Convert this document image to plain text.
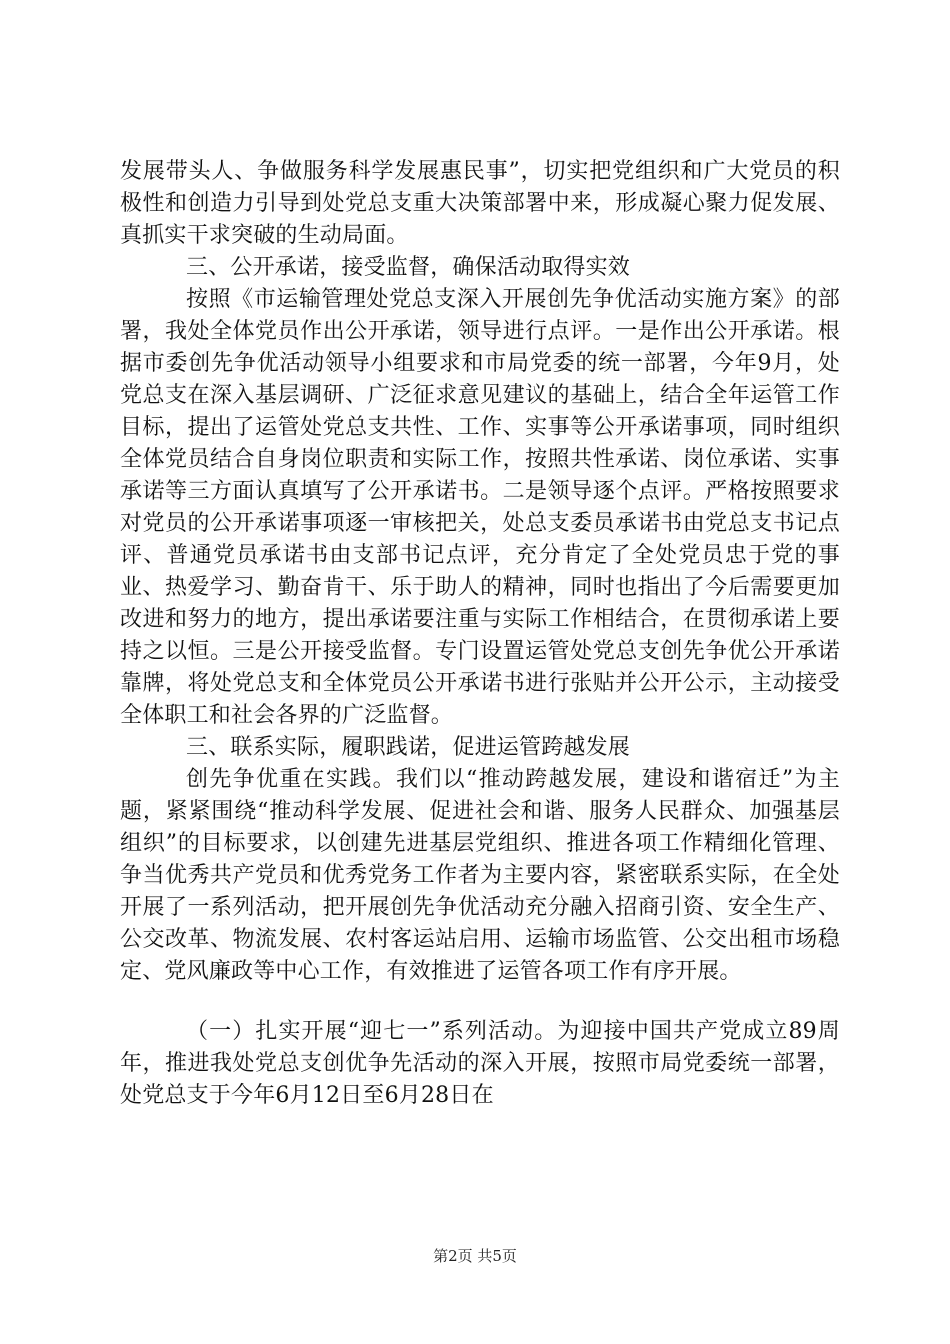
发展带头人、争做服务科学发展惠民事”，切实把党组织和广大党员的积极性和创造力引导到处党总支重大决策部署中来，形成凝心聚力促发展、真抓实干求突破的生动局面。

三、公开承诺，接受监督，确保活动取得实效

按照《市运输管理处党总支深入开展创先争优活动实施方案》的部署，我处全体党员作出公开承诺，领导进行点评。一是作出公开承诺。根据市委创先争优活动领导小组要求和市局党委的统一部署，今年9月，处党总支在深入基层调研、广泛征求意见建议的基础上，结合全年运管工作目标，提出了运管处党总支共性、工作、实事等公开承诺事项，同时组织全体党员结合自身岗位职责和实际工作，按照共性承诺、岗位承诺、实事承诺等三方面认真填写了公开承诺书。二是领导逐个点评。严格按照要求对党员的公开承诺事项逐一审核把关，处总支委员承诺书由党总支书记点评、普通党员承诺书由支部书记点评，充分肯定了全处党员忠于党的事业、热爱学习、勤奋肯干、乐于助人的精神，同时也指出了今后需要更加改进和努力的地方，提出承诺要注重与实际工作相结合，在贯彻承诺上要持之以恒。三是公开接受监督。专门设置运管处党总支创先争优公开承诺靠牌，将处党总支和全体党员公开承诺书进行张贴并公开公示，主动接受全体职工和社会各界的广泛监督。

三、联系实际，履职践诺，促进运管跨越发展

创先争优重在实践。我们以“推动跨越发展，建设和谐宿迁”为主题，紧紧围绕“推动科学发展、促进社会和谐、服务人民群众、加强基层组织”的目标要求，以创建先进基层党组织、推进各项工作精细化管理、争当优秀共产党员和优秀党务工作者为主要内容，紧密联系实际，在全处开展了一系列活动，把开展创先争优活动充分融入招商引资、安全生产、公交改革、物流发展、农村客运站启用、运输市场监管、公交出租市场稳定、党风廉政等中心工作，有效推进了运管各项工作有序开展。

（一）扎实开展“迎七一”系列活动。为迎接中国共产党成立89周年，推进我处党总支创优争先活动的深入开展，按照市局党委统一部署，处党总支于今年6月12日至6月28日在

第2页 共5页
